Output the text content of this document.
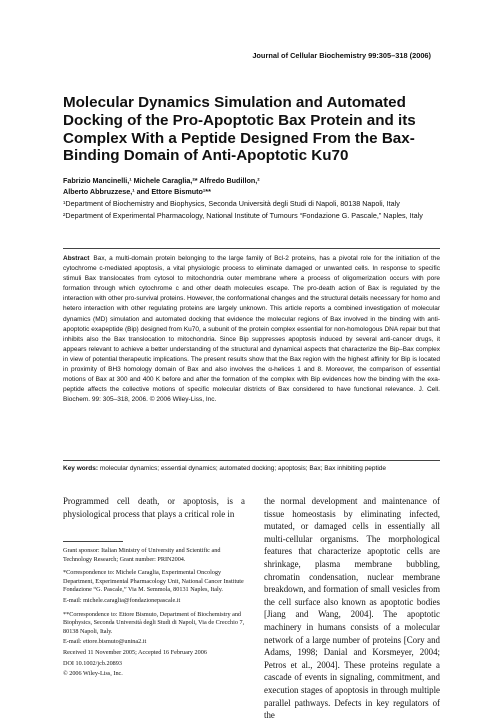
Journal of Cellular Biochemistry 99:305–318 (2006)
Molecular Dynamics Simulation and Automated Docking of the Pro-Apoptotic Bax Protein and its Complex With a Peptide Designed From the Bax-Binding Domain of Anti-Apoptotic Ku70
Fabrizio Mancinelli,¹ Michele Caraglia,²* Alfredo Budillon,²
Alberto Abbruzzese,¹ and Ettore Bismuto¹**

¹Department of Biochemistry and Biophysics, Seconda Università degli Studi di Napoli, 80138 Napoli, Italy

²Department of Experimental Pharmacology, National Institute of Tumours “Fondazione G. Pascale,” Naples, Italy

Abstract Bax, a multi-domain protein belonging to the large family of Bcl-2 proteins, has a pivotal role for the initiation of the cytochrome c-mediated apoptosis, a vital physiologic process to eliminate damaged or unwanted cells. In response to specific stimuli Bax translocates from cytosol to mitochondria outer membrane where a process of oligomerization occurs with pore formation through which cytochrome c and other death molecules escape. The pro-death action of Bax is regulated by the interaction with other pro-survival proteins. However, the conformational changes and the structural details necessary for homo and hetero interaction with other regulating proteins are largely unknown. This article reports a combined investigation of molecular dynamics (MD) simulation and automated docking that evidence the molecular regions of Bax involved in the binding with anti-apoptotic exapeptide (Bip) designed from Ku70, a subunit of the protein complex essential for non-homologous DNA repair but that inhibits also the Bax translocation to mitochondria. Since Bip suppresses apoptosis induced by several anti-cancer drugs, it appears relevant to achieve a better understanding of the structural and dynamical aspects that characterize the Bip–Bax complex in view of potential therapeutic implications. The present results show that the Bax region with the highest affinity for Bip is located in proximity of BH3 homology domain of Bax and also involves the α-helices 1 and 8. Moreover, the comparison of essential motions of Bax at 300 and 400 K before and after the formation of the complex with Bip evidences how the binding with the exa-peptide affects the collective motions of specific molecular districts of Bax considered to have functional relevance. J. Cell. Biochem. 99: 305–318, 2006. © 2006 Wiley-Liss, Inc.

Key words: molecular dynamics; essential dynamics; automated docking; apoptosis; Bax; Bax inhibiting peptide

Programmed cell death, or apoptosis, is a physiological process that plays a critical role in

Grant sponsor: Italian Ministry of University and Scientific and Technology Research; Grant number: PRIN2004.

*Correspondence to: Michele Caraglia, Experimental Oncology Department, Experimental Pharmacology Unit, National Cancer Institute Fondazione “G. Pascale,” Via M. Semmola, 80131 Naples, Italy.

E-mail: michele.caraglia@fondazionepascale.it

**Correspondence to: Ettore Bismuto, Department of Biochemistry and Biophysics, Seconda Università degli Studi di Napoli, Via de Crecchio 7, 80138 Napoli, Italy.

E-mail: ettore.bismuto@unina2.it

Received 11 November 2005; Accepted 16 February 2006

DOI 10.1002/jcb.20893

© 2006 Wiley-Liss, Inc.

the normal development and maintenance of tissue homeostasis by eliminating infected, mutated, or damaged cells in essentially all multi-cellular organisms. The morphological features that characterize apoptotic cells are shrinkage, plasma membrane bubbling, chromatin condensation, nuclear membrane breakdown, and formation of small vesicles from the cell surface also known as apoptotic bodies [Jiang and Wang, 2004]. The apoptotic machinery in humans consists of a molecular network of a large number of proteins [Cory and Adams, 1998; Danial and Korsmeyer, 2004; Petros et al., 2004]. These proteins regulate a cascade of events in signaling, commitment, and execution stages of apoptosis in through multiple parallel pathways. Defects in key regulators of the
